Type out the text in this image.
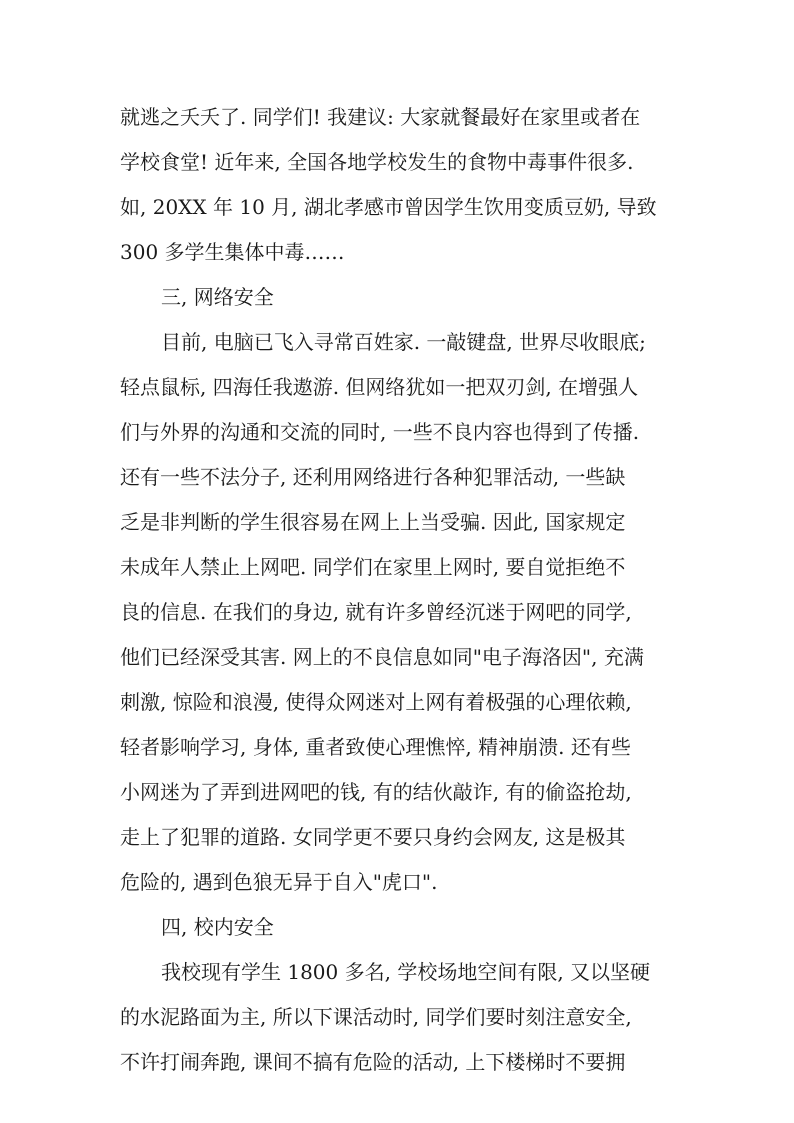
就逃之夭夭了. 同学们! 我建议: 大家就餐最好在家里或者在
学校食堂! 近年来, 全国各地学校发生的食物中毒事件很多.
如, 20XX 年 10 月, 湖北孝感市曾因学生饮用变质豆奶, 导致
300 多学生集体中毒……
三, 网络安全
目前, 电脑已飞入寻常百姓家. 一敲键盘, 世界尽收眼底;
轻点鼠标, 四海任我遨游. 但网络犹如一把双刃剑, 在增强人
们与外界的沟通和交流的同时, 一些不良内容也得到了传播.
还有一些不法分子, 还利用网络进行各种犯罪活动, 一些缺
乏是非判断的学生很容易在网上上当受骗. 因此, 国家规定
未成年人禁止上网吧. 同学们在家里上网时, 要自觉拒绝不
良的信息. 在我们的身边, 就有许多曾经沉迷于网吧的同学,
他们已经深受其害. 网上的不良信息如同"电子海洛因", 充满
刺激, 惊险和浪漫, 使得众网迷对上网有着极强的心理依赖,
轻者影响学习, 身体, 重者致使心理憔悴, 精神崩溃. 还有些
小网迷为了弄到进网吧的钱, 有的结伙敲诈, 有的偷盗抢劫,
走上了犯罪的道路. 女同学更不要只身约会网友, 这是极其
危险的, 遇到色狼无异于自入"虎口".
四, 校内安全
我校现有学生 1800 多名, 学校场地空间有限, 又以坚硬
的水泥路面为主, 所以下课活动时, 同学们要时刻注意安全,
不许打闹奔跑, 课间不搞有危险的活动, 上下楼梯时不要拥
